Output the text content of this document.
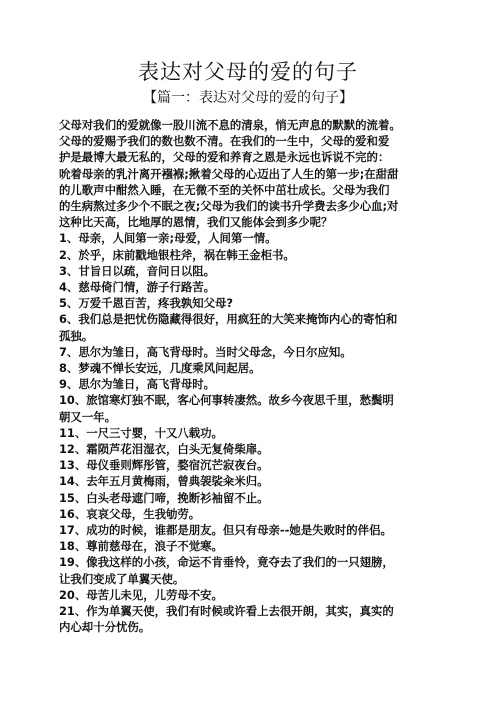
表达对父母的爱的句子
【篇一：表达对父母的爱的句子】
父母对我们的爱就像一股川流不息的清泉，悄无声息的默默的流着。
父母的爱赐予我们的数也数不清。在我们的一生中，父母的爱和爱
护是最博大最无私的，父母的爱和养育之恩是永远也诉说不完的：
吮着母亲的乳汁离开襁褓;揪着父母的心迈出了人生的第一步;在甜甜
的儿歌声中酣然入睡，在无微不至的关怀中茁壮成长。父母为我们
的生病熬过多少个不眠之夜;父母为我们的读书升学费去多少心血;对
这种比天高，比地厚的恩情，我们又能体会到多少呢？
1、母亲，人间第一亲;母爱，人间第一情。
2、於乎，床前戳地银柱斧，祸在韩王金柜书。
3、甘旨日以疏，音问日以阻。
4、慈母倚门情，游子行路苦。
5、万爱千恩百苦，疼我孰知父母?
6、我们总是把忧伤隐藏得很好，用疯狂的大笑来掩饰内心的寄怕和
孤独。
7、思尔为雏日，高飞背母时。当时父母念，今日尔应知。
8、梦魂不惮长安远，几度乘风问起居。
9、思尔为雏日，高飞背母时。
10、旅馆寒灯独不眠，客心何事转凄然。故乡今夜思千里，愁鬓明
朝又一年。
11、一尺三寸婴，十又八载功。
12、霜陨芦花泪湿衣，白头无复倚柴扉。
13、母仪垂则辉彤管，婺宿沉芒寂夜台。
14、去年五月黄梅雨，曾典袈裟籴米归。
15、白头老母遮门啼，挽断衫袖留不止。
16、哀哀父母，生我劬劳。
17、成功的时候，谁都是朋友。但只有母亲--她是失败时的伴侣。
18、尊前慈母在，浪子不觉寒。
19、像我这样的小孩，命运不肯垂怜，竟夺去了我们的一只翅膀，
让我们变成了单翼天使。
20、母苦儿未见，儿劳母不安。
21、作为单翼天使，我们有时候或许看上去很开朗，其实，真实的
内心却十分忧伤。
